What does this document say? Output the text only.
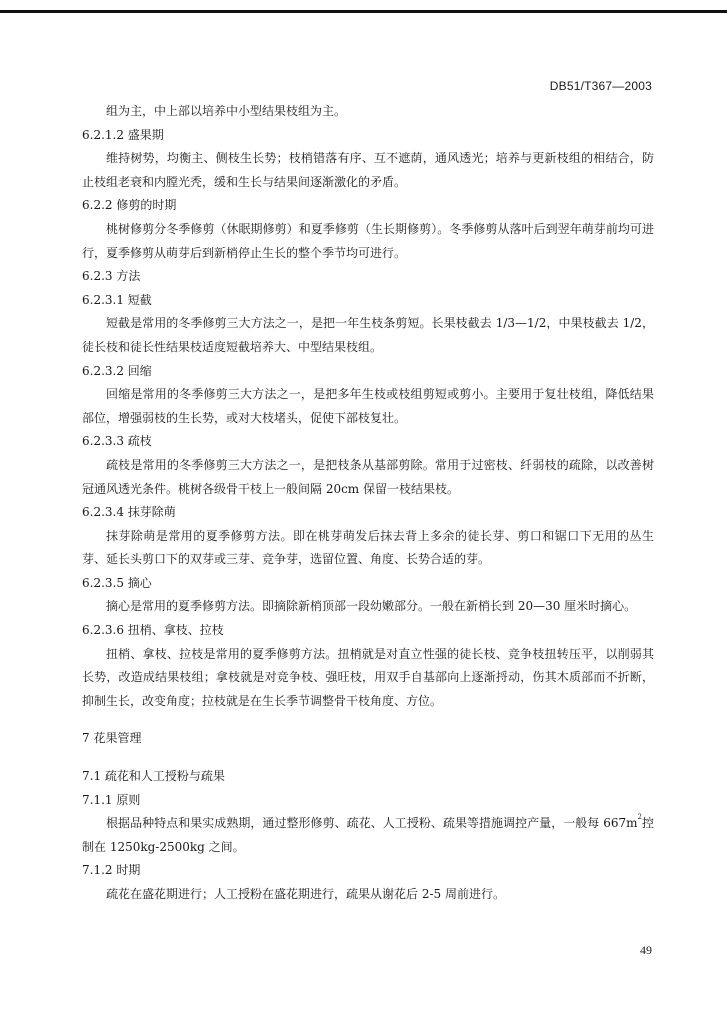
DB51/T367—2003

组为主，中上部以培养中小型结果枝组为主。

6.2.1.2 盛果期

维持树势，均衡主、侧枝生长势；枝梢错落有序、互不遮荫，通风透光；培养与更新枝组的相结合，防止枝组老衰和内膛光秃，缓和生长与结果间逐渐激化的矛盾。

6.2.2 修剪的时期

桃树修剪分冬季修剪（休眠期修剪）和夏季修剪（生长期修剪）。冬季修剪从落叶后到翌年萌芽前均可进行，夏季修剪从萌芽后到新梢停止生长的整个季节均可进行。

6.2.3 方法

6.2.3.1 短截

短截是常用的冬季修剪三大方法之一，是把一年生枝条剪短。长果枝截去 1/3—1/2，中果枝截去 1/2，徒长枝和徒长性结果枝适度短截培养大、中型结果枝组。

6.2.3.2 回缩

回缩是常用的冬季修剪三大方法之一，是把多年生枝或枝组剪短或剪小。主要用于复壮枝组，降低结果部位，增强弱枝的生长势，或对大枝堵头，促使下部枝复壮。

6.2.3.3 疏枝

疏枝是常用的冬季修剪三大方法之一，是把枝条从基部剪除。常用于过密枝、纤弱枝的疏除，以改善树冠通风透光条件。桃树各级骨干枝上一般间隔 20cm 保留一枝结果枝。

6.2.3.4 抹芽除萌

抹芽除萌是常用的夏季修剪方法。即在桃芽萌发后抹去背上多余的徒长芽、剪口和锯口下无用的丛生芽、延长头剪口下的双芽或三芽、竞争芽，选留位置、角度、长势合适的芽。

6.2.3.5 摘心

摘心是常用的夏季修剪方法。即摘除新梢顶部一段幼嫩部分。一般在新梢长到 20—30 厘米时摘心。

6.2.3.6 扭梢、拿枝、拉枝

扭梢、拿枝、拉枝是常用的夏季修剪方法。扭梢就是对直立性强的徒长枝、竞争枝扭转压平，以削弱其长势，改造成结果枝组；拿枝就是对竞争枝、强旺枝，用双手自基部向上逐渐捋动，伤其木质部而不折断，抑制生长，改变角度；拉枝就是在生长季节调整骨干枝角度、方位。

7 花果管理

7.1 疏花和人工授粉与疏果

7.1.1 原则

根据品种特点和果实成熟期，通过整形修剪、疏花、人工授粉、疏果等措施调控产量，一般每 $667m^2$控制在 1250kg-2500kg 之间。

7.1.2 时期

疏花在盛花期进行；人工授粉在盛花期进行，疏果从谢花后 2-5 周前进行。

49
